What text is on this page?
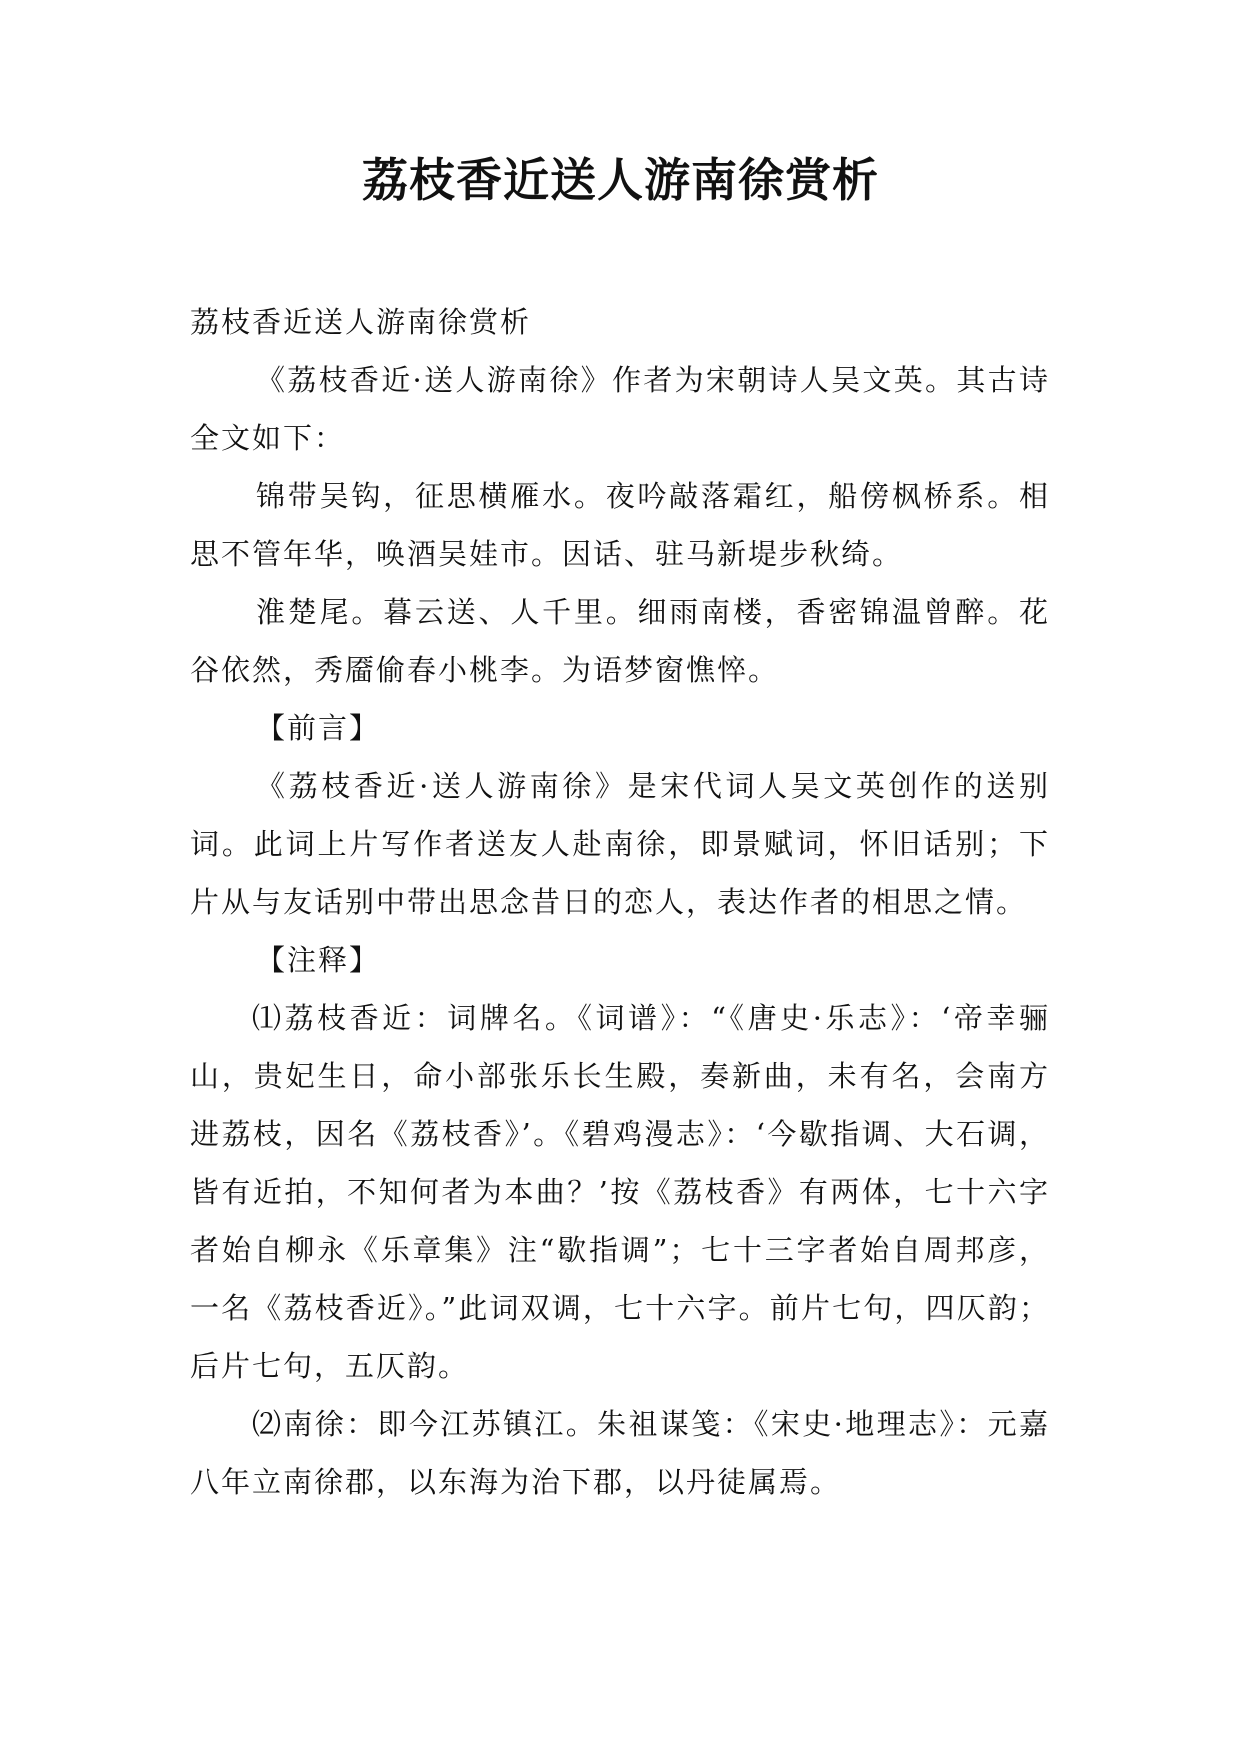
荔枝香近送人游南徐赏析

荔枝香近送人游南徐赏析

《荔枝香近·送人游南徐》作者为宋朝诗人吴文英。其古诗全文如下：

锦带吴钩，征思横雁水。夜吟敲落霜红，船傍枫桥系。相思不管年华，唤酒吴娃市。因话、驻马新堤步秋绮。

淮楚尾。暮云送、人千里。细雨南楼，香密锦温曾醉。花谷依然，秀靥偷春小桃李。为语梦窗憔悴。

【前言】

《荔枝香近·送人游南徐》是宋代词人吴文英创作的送别词。此词上片写作者送友人赴南徐，即景赋词，怀旧话别；下片从与友话别中带出思念昔日的恋人，表达作者的相思之情。

【注释】

⑴荔枝香近：词牌名。《词谱》：“《唐史·乐志》：‘帝幸骊山，贵妃生日，命小部张乐长生殿，奏新曲，未有名，会南方进荔枝，因名《荔枝香》’。《碧鸡漫志》：‘今歇指调、大石调，皆有近拍，不知何者为本曲？’按《荔枝香》有两体，七十六字者始自柳永《乐章集》注“歇指调”；七十三字者始自周邦彦，一名《荔枝香近》。”此词双调，七十六字。前片七句，四仄韵；后片七句，五仄韵。

⑵南徐：即今江苏镇江。朱祖谋笺：《宋史·地理志》：元嘉八年立南徐郡，以东海为治下郡，以丹徒属焉。
